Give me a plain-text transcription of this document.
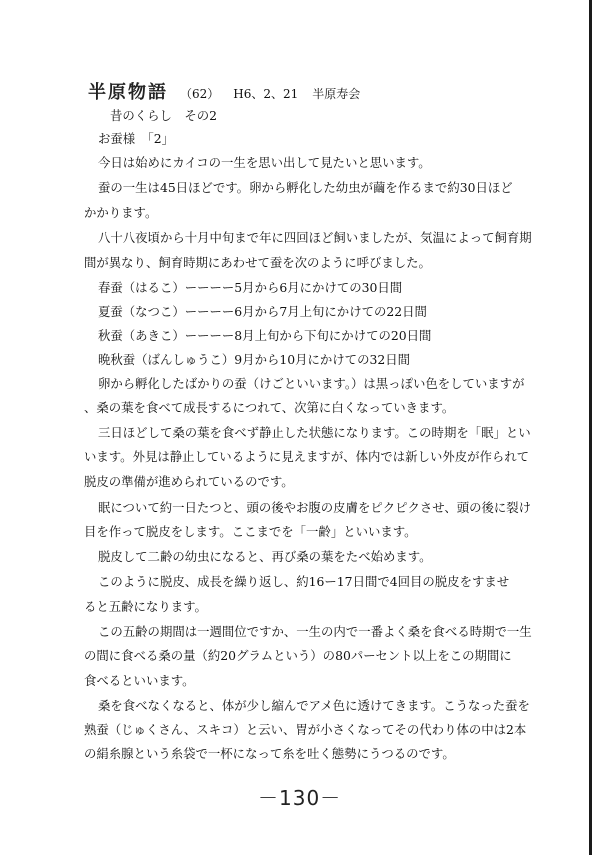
半原物語 （62） H6、2、21 半原寿会
昔のくらし　その2
お蚕様　「2」
今日は始めにカイコの一生を思い出して見たいと思います。
蚕の一生は45日ほどです。卵から孵化した幼虫が繭を作るまで約30日ほど
かかります。
八十八夜頃から十月中旬まで年に四回ほど飼いましたが、気温によって飼育期
間が異なり、飼育時期にあわせて蚕を次のように呼びました。
春蚕（はるこ）ーーーー5月から6月にかけての30日間
夏蚕（なつこ）ーーーー6月から7月上旬にかけての22日間
秋蚕（あきこ）ーーーー8月上旬から下旬にかけての20日間
晩秋蚕（ばんしゅうこ）9月から10月にかけての32日間
卵から孵化したばかりの蚕（けごといいます。）は黒っぽい色をしていますが
、桑の葉を食べて成長するにつれて、次第に白くなっていきます。
三日ほどして桑の葉を食べず静止した状態になります。この時期を「眠」とい
います。外見は静止しているように見えますが、体内では新しい外皮が作られて
脱皮の準備が進められているのです。
眠について約一日たつと、頭の後やお腹の皮膚をピクピクさせ、頭の後に裂け
目を作って脱皮をします。ここまでを「一齢」といいます。
脱皮して二齢の幼虫になると、再び桑の葉をたべ始めます。
このように脱皮、成長を繰り返し、約16ー17日間で4回目の脱皮をすませ
ると五齢になります。
この五齢の期間は一週間位ですか、一生の内で一番よく桑を食べる時期で一生
の間に食べる桑の量（約20グラムという）の80パーセント以上をこの期間に
食べるといいます。
桑を食べなくなると、体が少し縮んでアメ色に透けてきます。こうなった蚕を
熟蚕（じゅくさん、スキコ）と云い、胃が小さくなってその代わり体の中は2本
の絹糸腺という糸袋で一杯になって糸を吐く態勢にうつるのです。
－130－
